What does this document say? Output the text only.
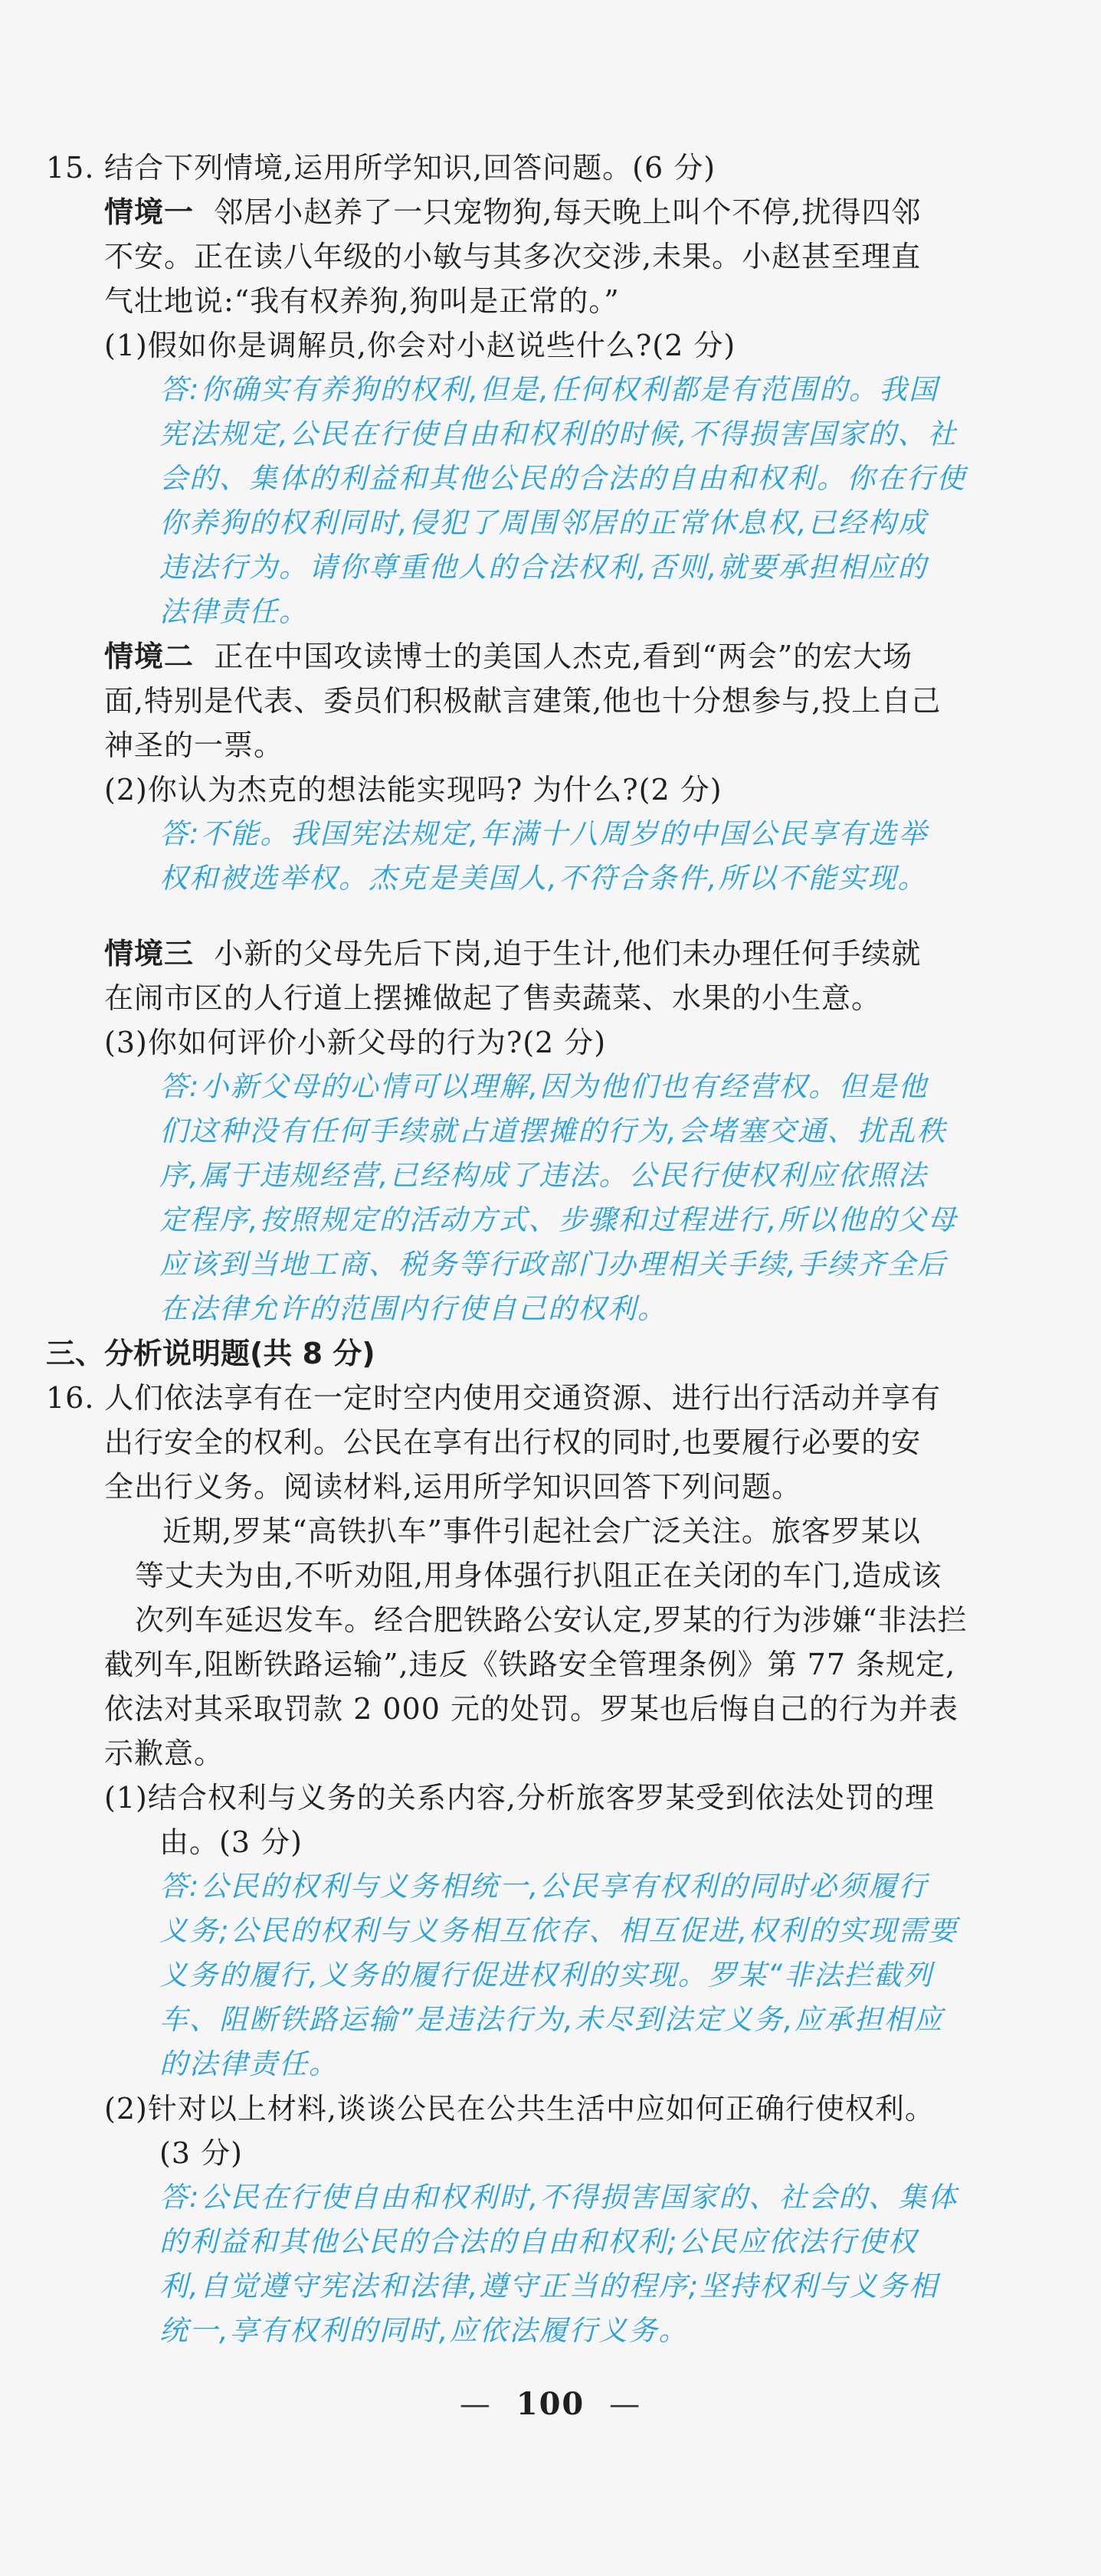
15. 结合下列情境,运用所学知识,回答问题。(6 分)
情境一 邻居小赵养了一只宠物狗,每天晚上叫个不停,扰得四邻
不安。正在读八年级的小敏与其多次交涉,未果。小赵甚至理直
气壮地说:“我有权养狗,狗叫是正常的。”
(1)假如你是调解员,你会对小赵说些什么?(2 分)
答:你确实有养狗的权利,但是,任何权利都是有范围的。我国
宪法规定,公民在行使自由和权利的时候,不得损害国家的、社
会的、集体的利益和其他公民的合法的自由和权利。你在行使
你养狗的权利同时,侵犯了周围邻居的正常休息权,已经构成
违法行为。请你尊重他人的合法权利,否则,就要承担相应的
法律责任。
情境二 正在中国攻读博士的美国人杰克,看到“两会”的宏大场
面,特别是代表、委员们积极献言建策,他也十分想参与,投上自己
神圣的一票。
(2)你认为杰克的想法能实现吗? 为什么?(2 分)
答:不能。我国宪法规定,年满十八周岁的中国公民享有选举
权和被选举权。杰克是美国人,不符合条件,所以不能实现。
情境三 小新的父母先后下岗,迫于生计,他们未办理任何手续就
在闹市区的人行道上摆摊做起了售卖蔬菜、水果的小生意。
(3)你如何评价小新父母的行为?(2 分)
答:小新父母的心情可以理解,因为他们也有经营权。但是他
们这种没有任何手续就占道摆摊的行为,会堵塞交通、扰乱秩
序,属于违规经营,已经构成了违法。公民行使权利应依照法
定程序,按照规定的活动方式、步骤和过程进行,所以他的父母
应该到当地工商、税务等行政部门办理相关手续,手续齐全后
在法律允许的范围内行使自己的权利。
三、分析说明题(共 8 分)
16. 人们依法享有在一定时空内使用交通资源、进行出行活动并享有
出行安全的权利。公民在享有出行权的同时,也要履行必要的安
全出行义务。阅读材料,运用所学知识回答下列问题。
近期,罗某“高铁扒车”事件引起社会广泛关注。旅客罗某以
等丈夫为由,不听劝阻,用身体强行扒阻正在关闭的车门,造成该
次列车延迟发车。经合肥铁路公安认定,罗某的行为涉嫌“非法拦
截列车,阻断铁路运输”,违反《铁路安全管理条例》第 77 条规定,
依法对其采取罚款 2 000 元的处罚。罗某也后悔自己的行为并表
示歉意。
(1)结合权利与义务的关系内容,分析旅客罗某受到依法处罚的理
由。(3 分)
答:公民的权利与义务相统一,公民享有权利的同时必须履行
义务;公民的权利与义务相互依存、相互促进,权利的实现需要
义务的履行,义务的履行促进权利的实现。罗某“非法拦截列
车、阻断铁路运输”是违法行为,未尽到法定义务,应承担相应
的法律责任。
(2)针对以上材料,谈谈公民在公共生活中应如何正确行使权利。
(3 分)
答:公民在行使自由和权利时,不得损害国家的、社会的、集体
的利益和其他公民的合法的自由和权利;公民应依法行使权
利,自觉遵守宪法和法律,遵守正当的程序;坚持权利与义务相
统一,享有权利的同时,应依法履行义务。
— 100 —
